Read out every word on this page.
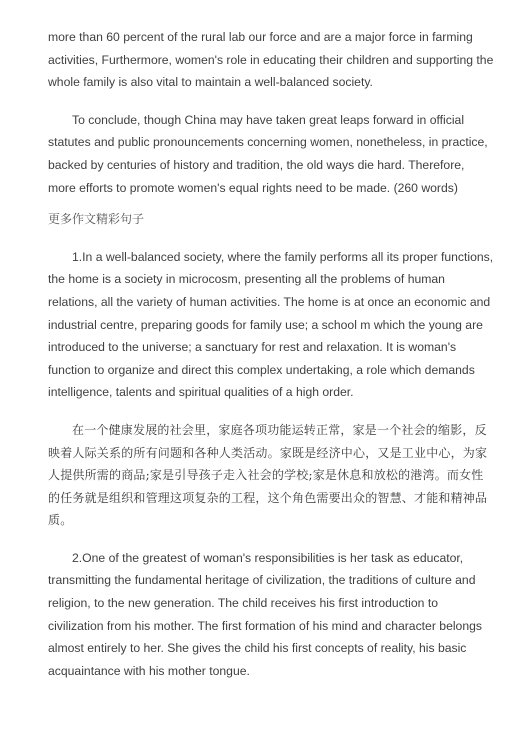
more than 60 percent of the rural lab our force and are a major force in farming activities, Furthermore, women's role in educating their children and supporting the whole family is also vital to maintain a well-balanced society.

To conclude, though China may have taken great leaps forward in official statutes and public pronouncements concerning women, nonetheless, in practice, backed by centuries of history and tradition, the old ways die hard. Therefore, more efforts to promote women's equal rights need to be made. (260 words)

更多作文精彩句子

1.In a well-balanced society, where the family performs all its proper functions, the home is a society in microcosm, presenting all the problems of human relations, all the variety of human activities. The home is at once an economic and industrial centre, preparing goods for family use; a school m which the young are introduced to the universe; a sanctuary for rest and relaxation. It is woman's function to organize and direct this complex undertaking, a role which demands intelligence, talents and spiritual qualities of a high order.

在一个健康发展的社会里，家庭各项功能运转正常，家是一个社会的缩影，反映着人际关系的所有问题和各种人类活动。家既是经济中心，又是工业中心，为家人提供所需的商品;家是引导孩子走入社会的学校;家是休息和放松的港湾。而女性的任务就是组织和管理这项复杂的工程，这个角色需要出众的智慧、才能和精神品质。

2.One of the greatest of woman's responsibilities is her task as educator, transmitting the fundamental heritage of civilization, the traditions of culture and religion, to the new generation. The child receives his first introduction to civilization from his mother. The first formation of his mind and character belongs almost entirely to her. She gives the child his first concepts of reality, his basic acquaintance with his mother tongue.
